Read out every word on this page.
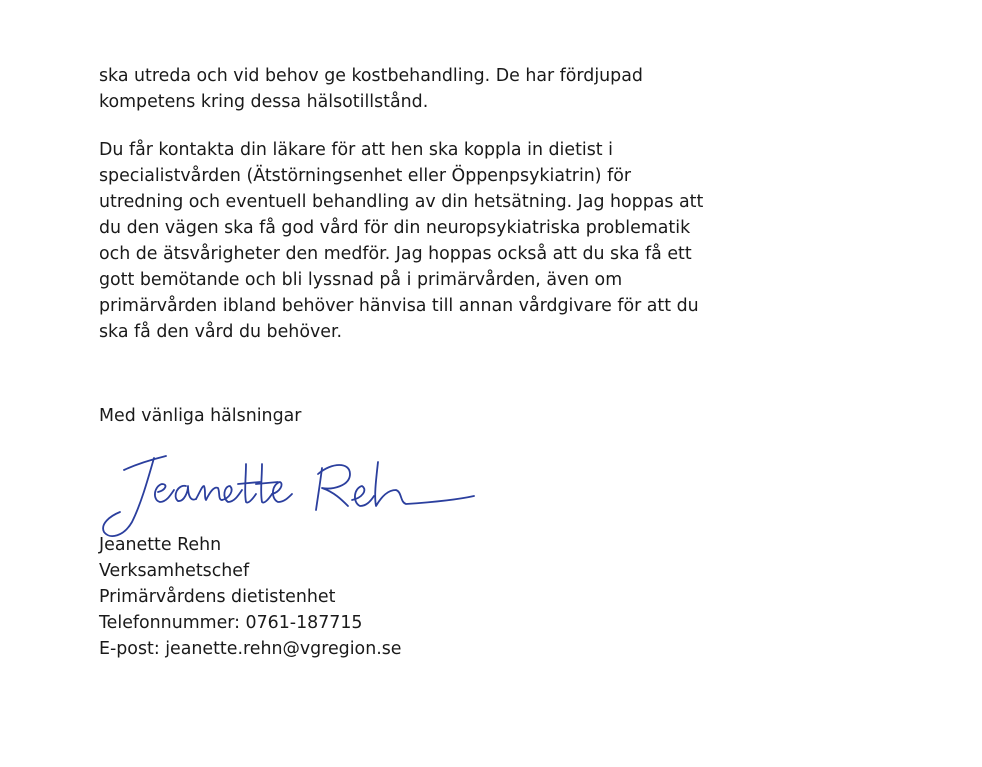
ska utreda och vid behov ge kostbehandling. De har fördjupad
kompetens kring dessa hälsotillstånd.

Du får kontakta din läkare för att hen ska koppla in dietist i
specialistvården (Ätstörningsenhet eller Öppenpsykiatrin) för
utredning och eventuell behandling av din hetsätning. Jag hoppas att
du den vägen ska få god vård för din neuropsykiatriska problematik
och de ätsvårigheter den medför. Jag hoppas också att du ska få ett
gott bemötande och bli lyssnad på i primärvården, även om
primärvården ibland behöver hänvisa till annan vårdgivare för att du
ska få den vård du behöver.

Med vänliga hälsningar

Jeanette Rehn
Verksamhetschef
Primärvårdens dietistenhet
Telefonnummer: 0761-187715
E-post: jeanette.rehn@vgregion.se
